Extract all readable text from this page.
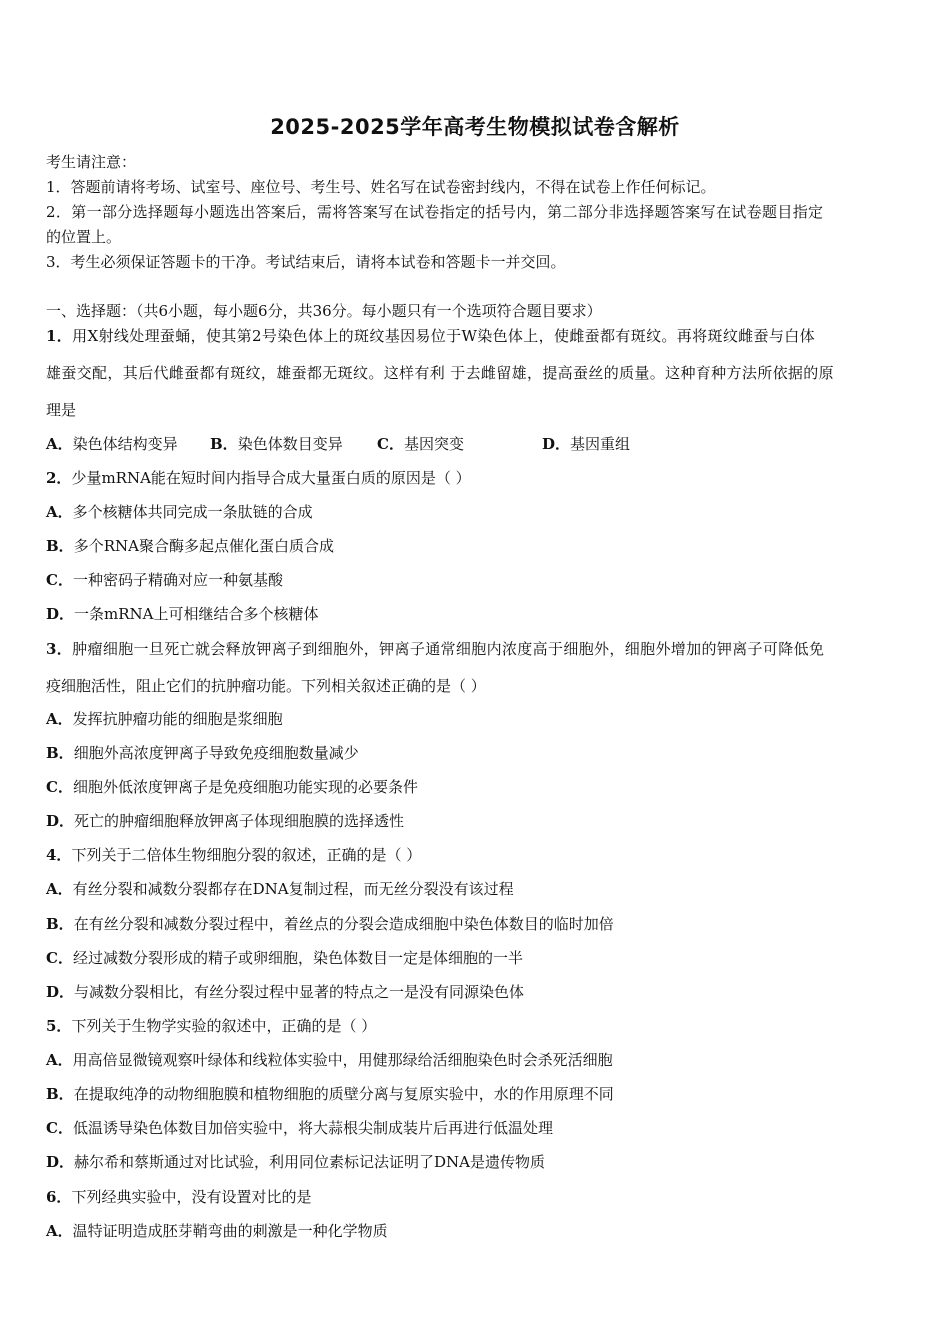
2025-2025学年高考生物模拟试卷含解析
考生请注意：
1．答题前请将考场、试室号、座位号、考生号、姓名写在试卷密封线内，不得在试卷上作任何标记。
2．第一部分选择题每小题选出答案后，需将答案写在试卷指定的括号内，第二部分非选择题答案写在试卷题目指定
的位置上。
3．考生必须保证答题卡的干净。考试结束后，请将本试卷和答题卡一并交回。
一、选择题：（共6小题，每小题6分，共36分。每小题只有一个选项符合题目要求）
1．用X射线处理蚕蛹，使其第2号染色体上的斑纹基因易位于W染色体上，使雌蚕都有斑纹。再将斑纹雌蚕与白体
雄蚕交配，其后代雌蚕都有斑纹，雄蚕都无斑纹。这样有利 于去雌留雄，提高蚕丝的质量。这种育种方法所依据的原
理是
A．染色体结构变异 B．染色体数目变异 C．基因突变	D．基因重组
2．少量mRNA能在短时间内指导合成大量蛋白质的原因是（ ）
A．多个核糖体共同完成一条肽链的合成
B．多个RNA聚合酶多起点催化蛋白质合成
C．一种密码子精确对应一种氨基酸
D．一条mRNA上可相继结合多个核糖体
3．肿瘤细胞一旦死亡就会释放钾离子到细胞外，钾离子通常细胞内浓度高于细胞外，细胞外增加的钾离子可降低免
疫细胞活性，阻止它们的抗肿瘤功能。下列相关叙述正确的是（ ）
A．发挥抗肿瘤功能的细胞是浆细胞
B．细胞外高浓度钾离子导致免疫细胞数量减少
C．细胞外低浓度钾离子是免疫细胞功能实现的必要条件
D．死亡的肿瘤细胞释放钾离子体现细胞膜的选择透性
4．下列关于二倍体生物细胞分裂的叙述，正确的是（ ）
A．有丝分裂和减数分裂都存在DNA复制过程，而无丝分裂没有该过程
B．在有丝分裂和减数分裂过程中，着丝点的分裂会造成细胞中染色体数目的临时加倍
C．经过减数分裂形成的精子或卵细胞，染色体数目一定是体细胞的一半
D．与减数分裂相比，有丝分裂过程中显著的特点之一是没有同源染色体
5．下列关于生物学实验的叙述中，正确的是（ ）
A．用高倍显微镜观察叶绿体和线粒体实验中，用健那绿给活细胞染色时会杀死活细胞
B．在提取纯净的动物细胞膜和植物细胞的质壁分离与复原实验中，水的作用原理不同
C．低温诱导染色体数目加倍实验中，将大蒜根尖制成装片后再进行低温处理
D．赫尔希和蔡斯通过对比试验，利用同位素标记法证明了DNA是遗传物质
6．下列经典实验中，没有设置对比的是
A．温特证明造成胚芽鞘弯曲的刺激是一种化学物质
